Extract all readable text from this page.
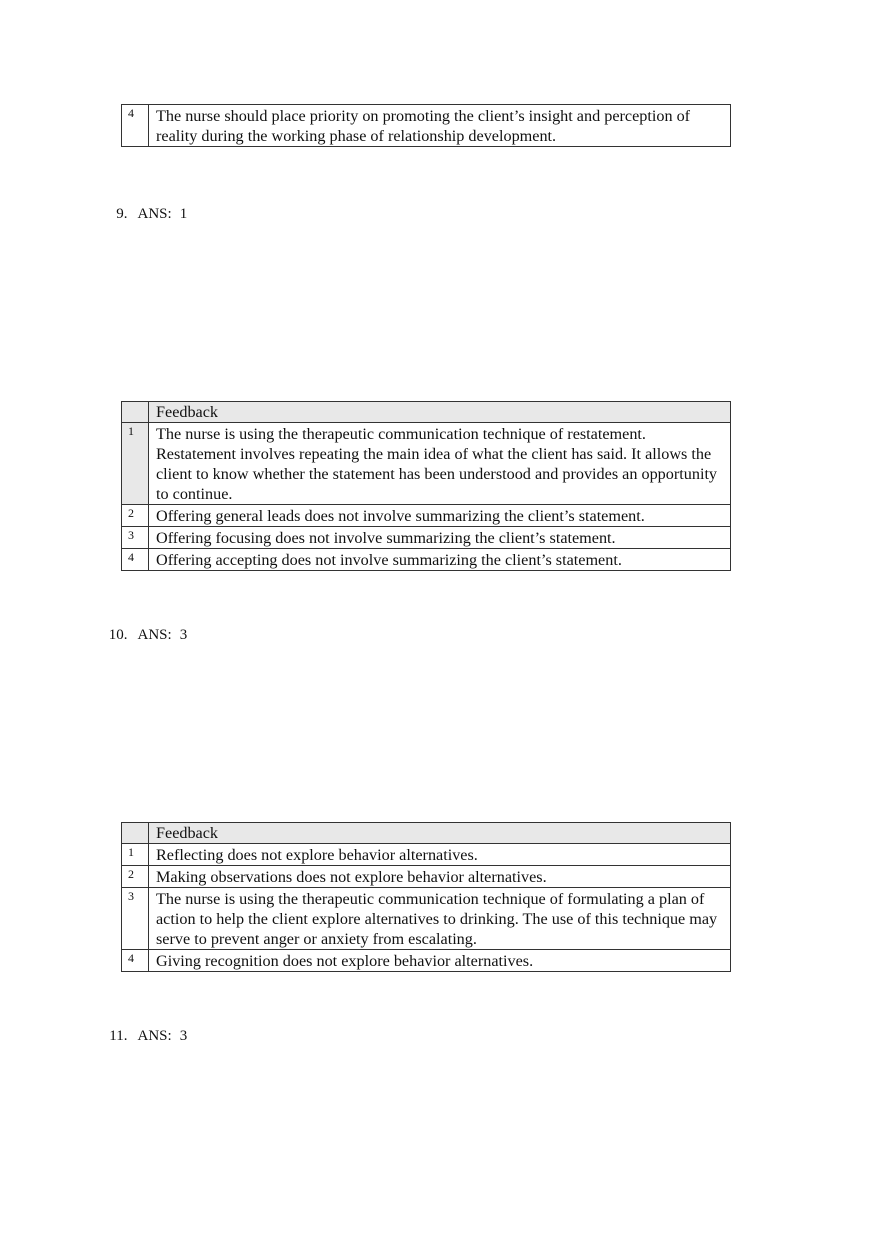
4	The nurse should place priority on promoting the client’s insight and perception of reality during the working phase of relationship development.

9. ANS: 1

	Feedback
1	The nurse is using the therapeutic communication technique of restatement. Restatement involves repeating the main idea of what the client has said. It allows the client to know whether the statement has been understood and provides an opportunity to continue.
2	Offering general leads does not involve summarizing the client’s statement.
3	Offering focusing does not involve summarizing the client’s statement.
4	Offering accepting does not involve summarizing the client’s statement.

10. ANS: 3

	Feedback
1	Reflecting does not explore behavior alternatives.
2	Making observations does not explore behavior alternatives.
3	The nurse is using the therapeutic communication technique of formulating a plan of action to help the client explore alternatives to drinking. The use of this technique may serve to prevent anger or anxiety from escalating.
4	Giving recognition does not explore behavior alternatives.

11. ANS: 3
